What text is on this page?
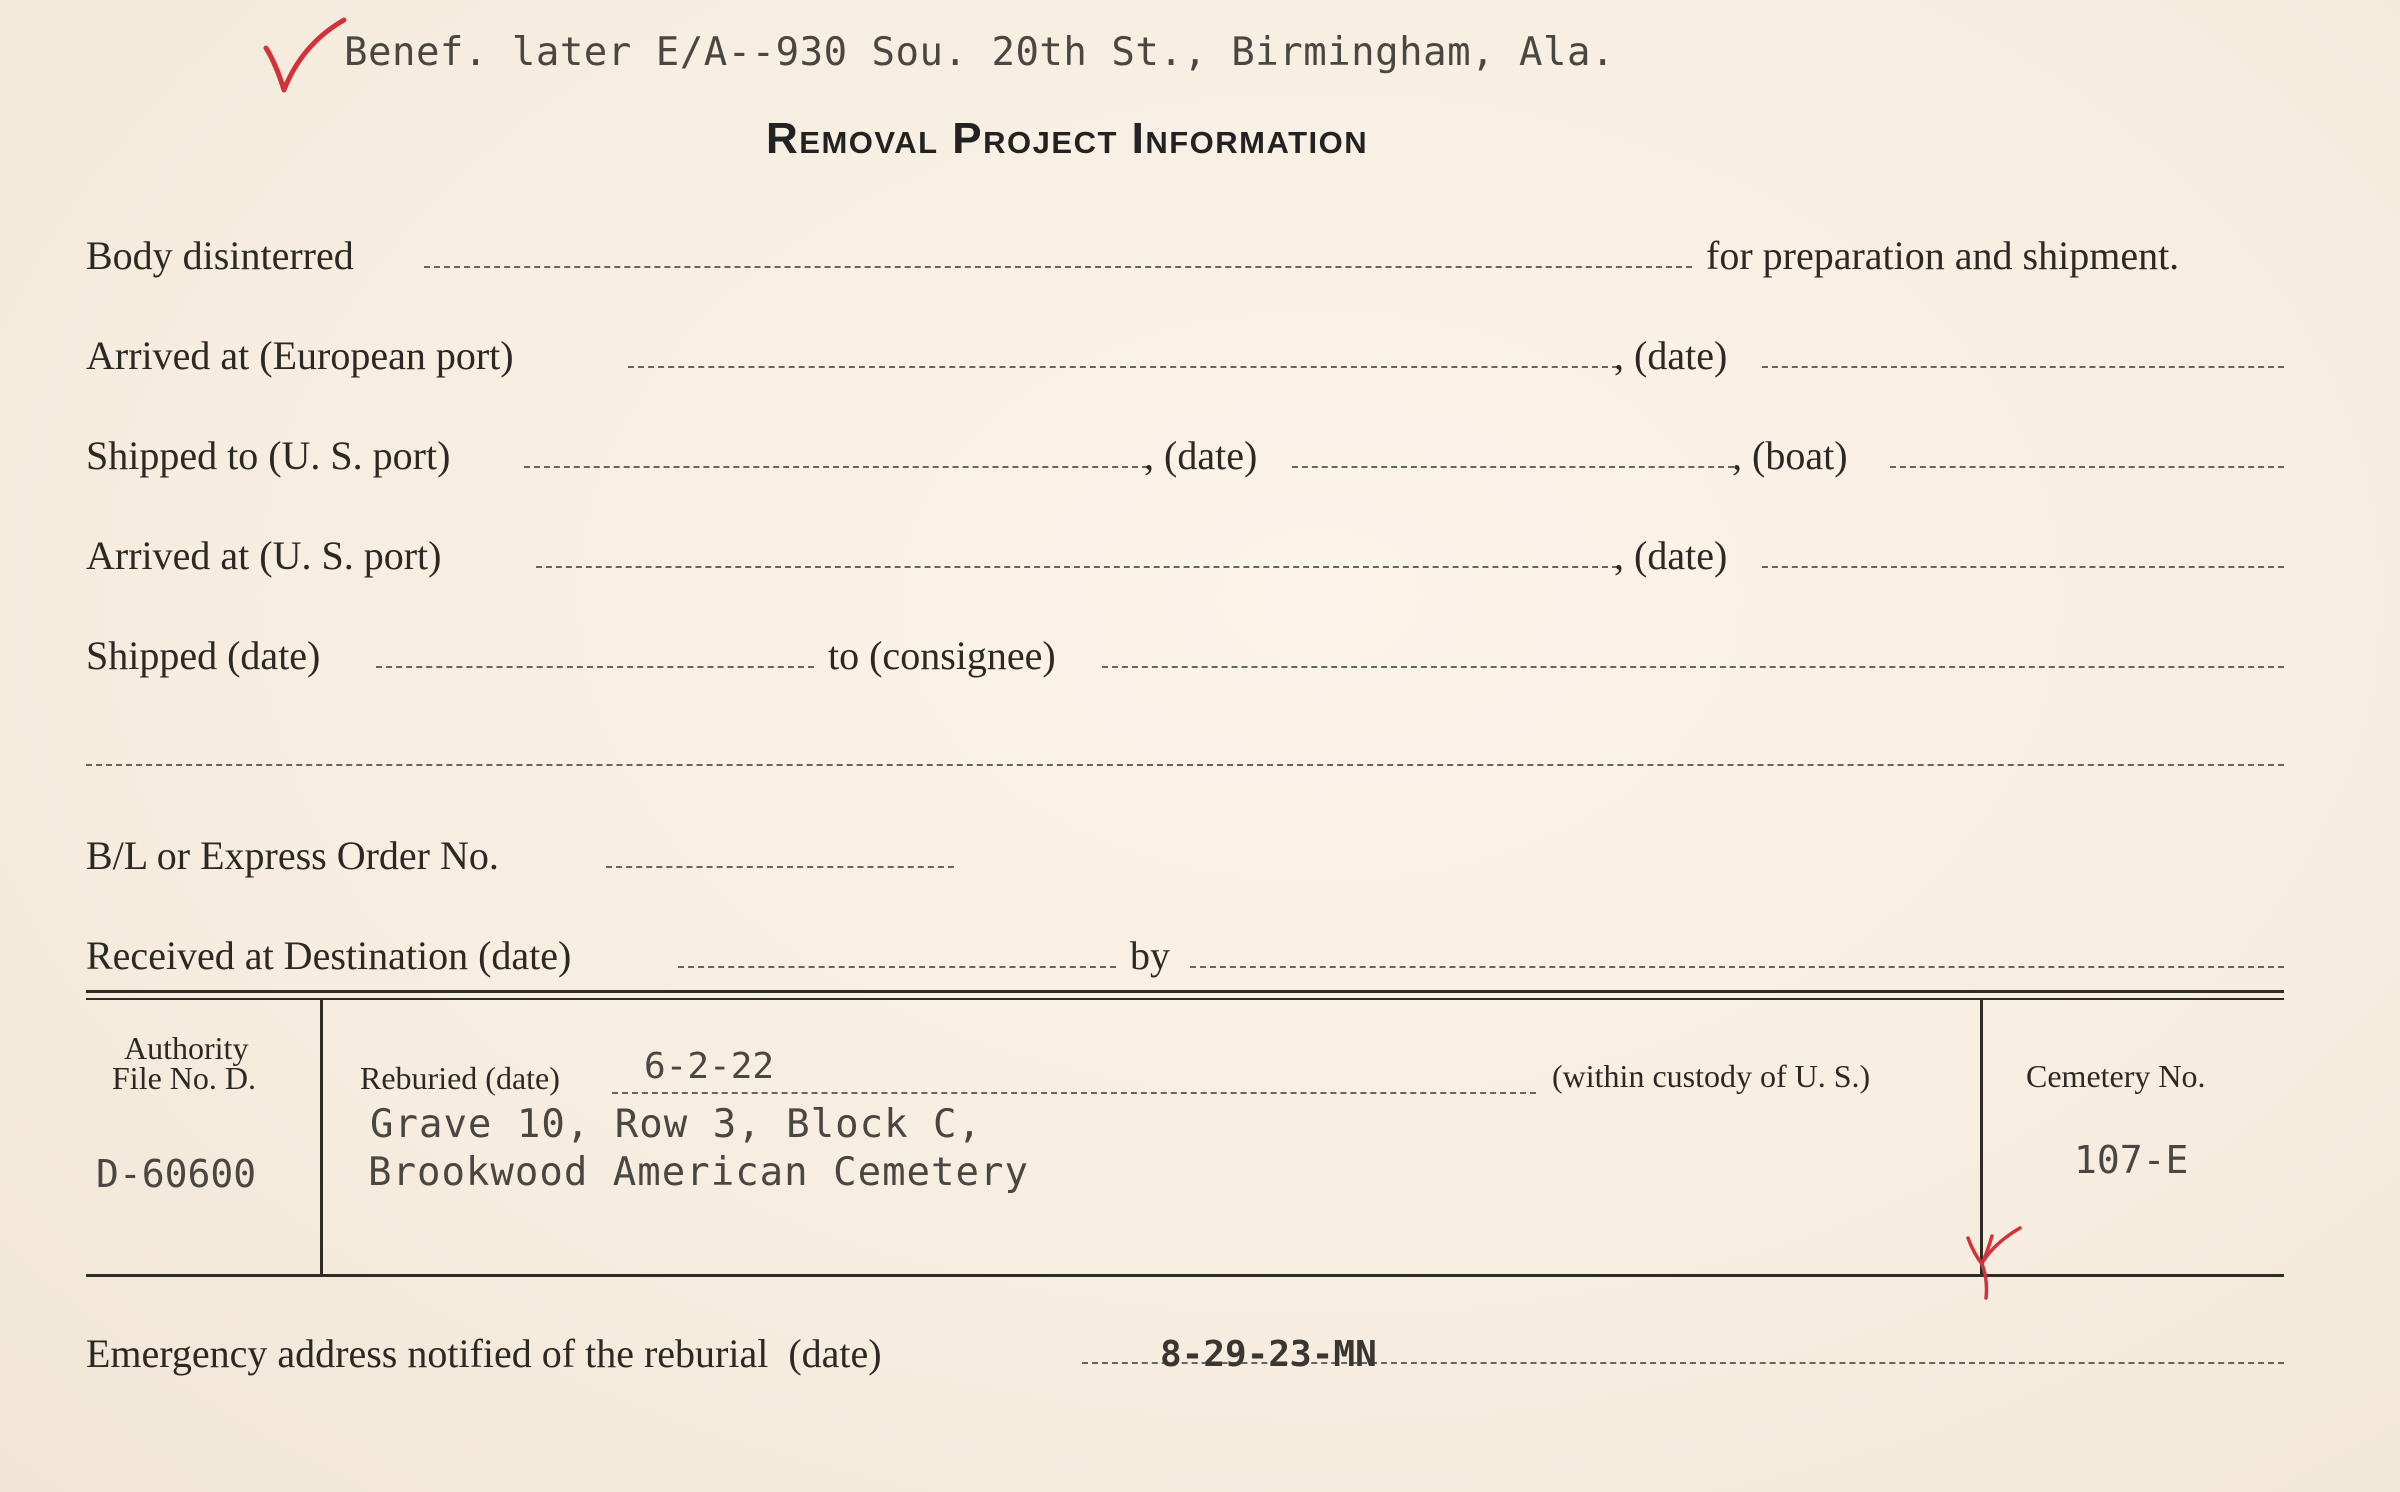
Benef. later E/A--930 Sou. 20th St., Birmingham, Ala.
Removal Project Information
Body disinterred	for preparation and shipment.
Arrived at (European port)	, (date)
Shipped to (U. S. port)	, (date)	, (boat)
Arrived at (U. S. port)	, (date)
Shipped (date)	to (consignee)
B/L or Express Order No.
Received at Destination (date)	by
Authority
File No. D.
D-60600
Reburied (date) 6-2-22	(within custody of U. S.)
Grave 10, Row 3, Block C,
Brookwood American Cemetery
Cemetery No.
107-E
Emergency address notified of the reburial  (date)	8-29-23-MN
